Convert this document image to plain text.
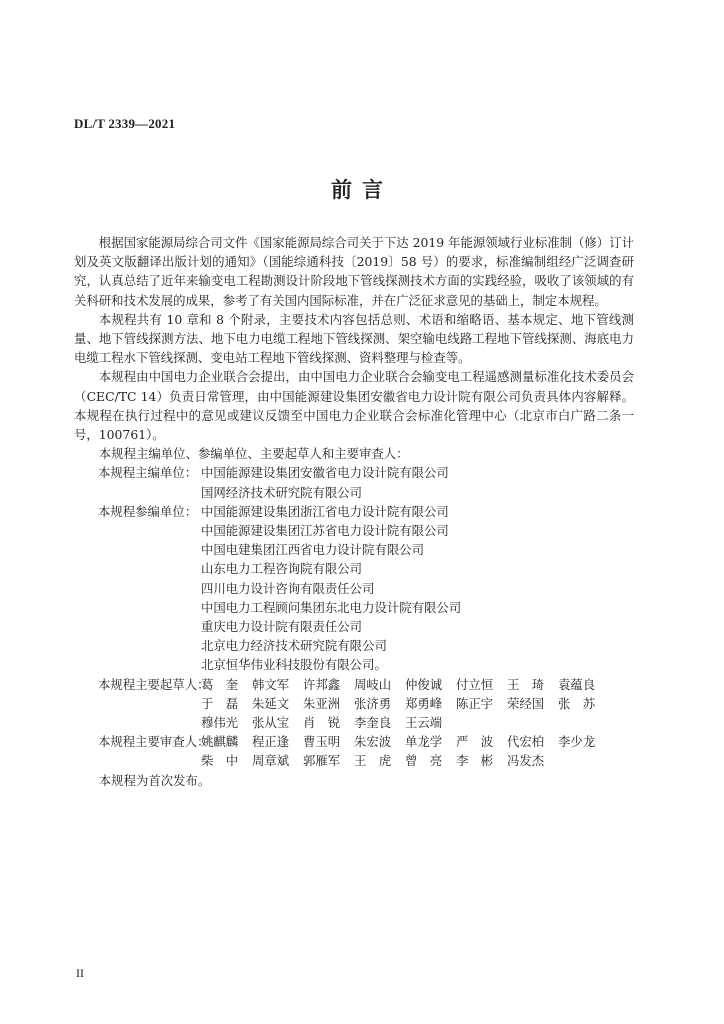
DL/T 2339—2021
前言

根据国家能源局综合司文件《国家能源局综合司关于下达 2019 年能源领域行业标准制（修）订计划及英文版翻译出版计划的通知》（国能综通科技〔2019〕58 号）的要求，标准编制组经广泛调查研究，认真总结了近年来输变电工程勘测设计阶段地下管线探测技术方面的实践经验，吸收了该领域的有关科研和技术发展的成果，参考了有关国内国际标准，并在广泛征求意见的基础上，制定本规程。

本规程共有 10 章和 8 个附录，主要技术内容包括总则、术语和缩略语、基本规定、地下管线测量、地下管线探测方法、地下电力电缆工程地下管线探测、架空输电线路工程地下管线探测、海底电力电缆工程水下管线探测、变电站工程地下管线探测、资料整理与检查等。

本规程由中国电力企业联合会提出，由中国电力企业联合会输变电工程遥感测量标准化技术委员会（CEC/TC 14）负责日常管理，由中国能源建设集团安徽省电力设计院有限公司负责具体内容解释。本规程在执行过程中的意见或建议反馈至中国电力企业联合会标准化管理中心（北京市白广路二条一号，100761）。

本规程主编单位、参编单位、主要起草人和主要审查人：

本规程主编单位： 中国能源建设集团安徽省电力设计院有限公司
国网经济技术研究院有限公司
本规程参编单位： 中国能源建设集团浙江省电力设计院有限公司
中国能源建设集团江苏省电力设计院有限公司
中国电建集团江西省电力设计院有限公司
山东电力工程咨询院有限公司
四川电力设计咨询有限责任公司
中国电力工程顾问集团东北电力设计院有限公司
重庆电力设计院有限责任公司
北京电力经济技术研究院有限公司
北京恒华伟业科技股份有限公司。
本规程主要起草人：
葛　奎	韩文军	许邦鑫	周岐山	仲俊诚	付立恒	王　琦	袁蕴良
于　磊	朱延文	朱亚洲	张济勇	郑勇峰	陈正宇	荣经国	张　苏
穆伟光	张从宝	肖　锐	李奎良	王云端
本规程主要审查人：
姚麒麟	程正逢	曹玉明	朱宏波	单龙学	严　波	代宏柏	李少龙
柴　中	周章斌	郭雁军	王　虎	曾　亮	李　彬	冯发杰

本规程为首次发布。

II
